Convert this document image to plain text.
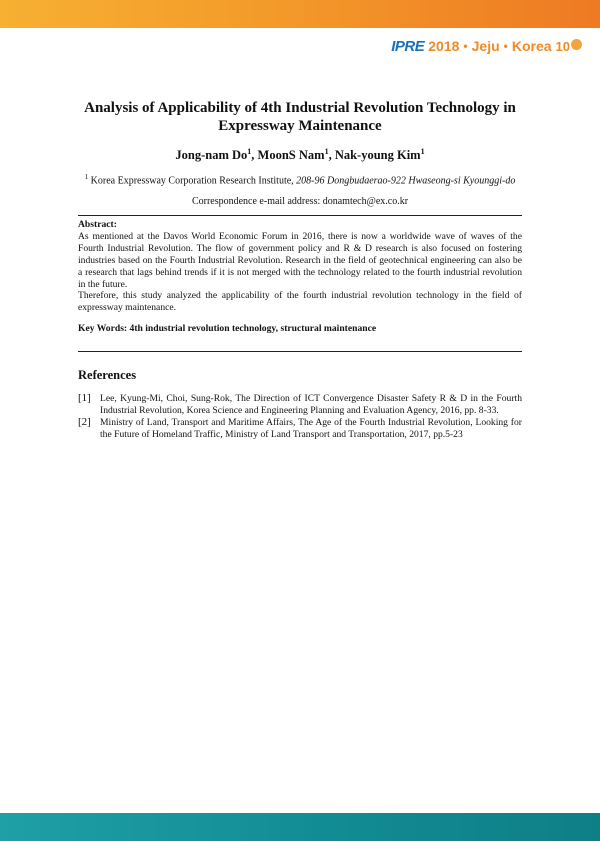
IPRE 2018 • Jeju • Korea 10
Analysis of Applicability of 4th Industrial Revolution Technology in
Expressway Maintenance
Jong-nam Do$^1$, MoonS Nam$^1$, Nak-young Kim$^1$
$^1$ Korea Expressway Corporation Research Institute, 208-96 Dongbudaerao-922 Hwaseong-si Kyounggi-do
Correspondence e-mail address: donamtech@ex.co.kr
Abstract:

As mentioned at the Davos World Economic Forum in 2016, there is now a worldwide wave of waves of the Fourth Industrial Revolution. The flow of government policy and R & D research is also focused on fostering industries based on the Fourth Industrial Revolution. Research in the field of geotechnical engineering can also be a research that lags behind trends if it is not merged with the technology related to the fourth industrial revolution in the future.

Therefore, this study analyzed the applicability of the fourth industrial revolution technology in the field of expressway maintenance.

Key Words: 4th industrial revolution technology, structural maintenance
References
[1] Lee, Kyung-Mi, Choi, Sung-Rok, The Direction of ICT Convergence Disaster Safety R & D in the Fourth Industrial Revolution, Korea Science and Engineering Planning and Evaluation Agency, 2016, pp. 8-33.
[2] Ministry of Land, Transport and Maritime Affairs, The Age of the Fourth Industrial Revolution, Looking for the Future of Homeland Traffic, Ministry of Land Transport and Transportation, 2017, pp.5-23
